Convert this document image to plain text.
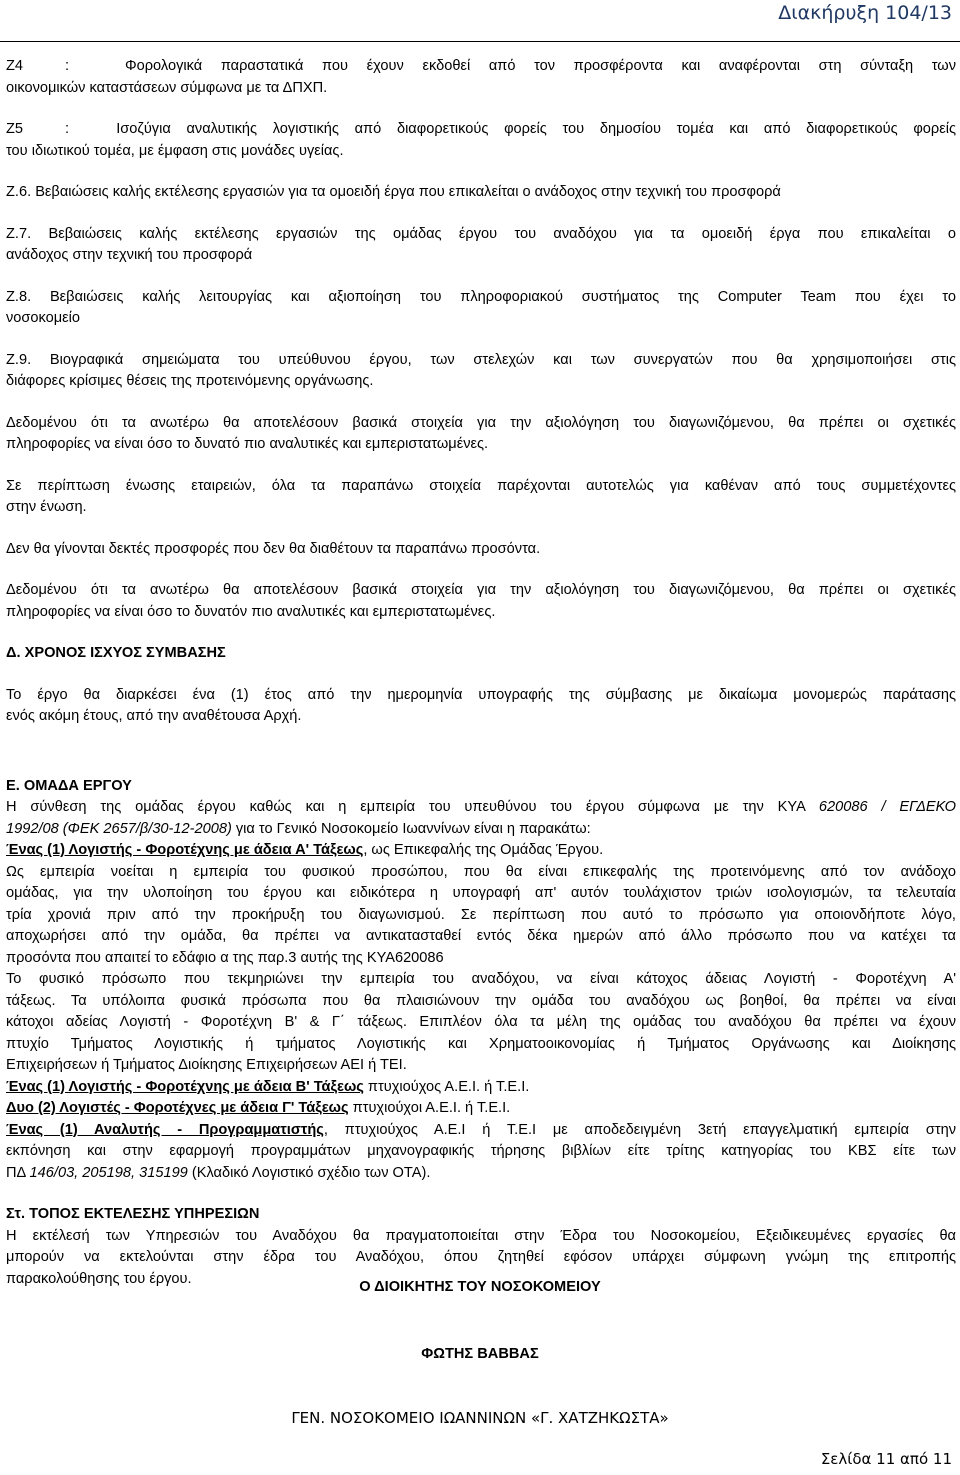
Διακήρυξη 104/13
Z4	:	Φορολογικά παραστατικά που έχουν εκδοθεί από τον προσφέροντα και αναφέρονται στη σύνταξη των
οικονομικών καταστάσεων σύμφωνα με τα ΔΠΧΠ.
Z5	:	Ισοζύγια αναλυτικής λογιστικής από διαφορετικούς φορείς του δημοσίου τομέα και από διαφορετικούς φορείς
του ιδιωτικού τομέα, με έμφαση στις μονάδες υγείας.
Ζ.6. Βεβαιώσεις καλής εκτέλεσης εργασιών για τα ομοειδή έργα που επικαλείται ο ανάδοχος στην τεχνική του προσφορά
Ζ.7. Βεβαιώσεις καλής εκτέλεσης εργασιών της ομάδας έργου του αναδόχου για τα ομοειδή έργα που επικαλείται ο
ανάδοχος στην τεχνική του προσφορά
Ζ.8. Βεβαιώσεις καλής λειτουργίας και αξιοποίηση του πληροφοριακού συστήματος της Computer Team που έχει το
νοσοκομείο
Ζ.9. Βιογραφικά σημειώματα του υπεύθυνου έργου, των στελεχών και των συνεργατών που θα χρησιμοποιήσει στις
διάφορες κρίσιμες θέσεις της προτεινόμενης οργάνωσης.
Δεδομένου ότι τα ανωτέρω θα αποτελέσουν βασικά στοιχεία για την αξιολόγηση του διαγωνιζόμενου, θα πρέπει οι σχετικές
πληροφορίες να είναι όσο το δυνατό πιο αναλυτικές και εμπεριστατωμένες.
Σε περίπτωση ένωσης εταιρειών, όλα τα παραπάνω στοιχεία παρέχονται αυτοτελώς για καθέναν από τους συμμετέχοντες
στην ένωση.
Δεν θα γίνονται δεκτές προσφορές που δεν θα διαθέτουν τα παραπάνω προσόντα.
Δεδομένου ότι τα ανωτέρω θα αποτελέσουν βασικά στοιχεία για την αξιολόγηση του διαγωνιζόμενου, θα πρέπει οι σχετικές
πληροφορίες να είναι όσο το δυνατόν πιο αναλυτικές και εμπεριστατωμένες.
Δ. ΧΡΟΝΟΣ ΙΣΧΥΟΣ ΣΥΜΒΑΣΗΣ
Το έργο θα διαρκέσει ένα (1) έτος από την ημερομηνία υπογραφής της σύμβασης με δικαίωμα μονομερώς παράτασης
ενός ακόμη έτους, από την αναθέτουσα Αρχή.
Ε. ΟΜΑΔΑ ΕΡΓΟΥ
Η σύνθεση της ομάδας έργου καθώς και η εμπειρία του υπευθύνου του έργου σύμφωνα με την ΚΥΑ 620086 / ΕΓΔΕΚΟ
1992/08 (ΦΕΚ 2657/β/30-12-2008) για το Γενικό Νοσοκομείο Ιωαννίνων είναι η παρακάτω:
Ένας (1) Λογιστής - Φοροτέχνης με άδεια Α' Τάξεως, ως Επικεφαλής της Ομάδας Έργου.
Ως εμπειρία νοείται η εμπειρία του φυσικού προσώπου, που θα είναι επικεφαλής της προτεινόμενης από τον ανάδοχο
ομάδας, για την υλοποίηση του έργου και ειδικότερα η υπογραφή απ' αυτόν τουλάχιστον τριών ισολογισμών, τα τελευταία
τρία χρονιά πριν από την προκήρυξη του διαγωνισμού. Σε περίπτωση που αυτό το πρόσωπο για οποιονδήποτε λόγο,
αποχωρήσει από την ομάδα, θα πρέπει να αντικατασταθεί εντός δέκα ημερών από άλλο πρόσωπο που να κατέχει τα
προσόντα που απαιτεί το εδάφιο α της παρ.3 αυτής της ΚΥΑ620086
Το φυσικό πρόσωπο που τεκμηριώνει την εμπειρία του αναδόχου, να είναι κάτοχος άδειας Λογιστή - Φοροτέχνη Α'
τάξεως. Τα υπόλοιπα φυσικά πρόσωπα που θα πλαισιώνουν την ομάδα του αναδόχου ως βοηθοί, θα πρέπει να είναι
κάτοχοι αδείας Λογιστή - Φοροτέχνη Β' & Γ΄ τάξεως. Επιπλέον όλα τα μέλη της ομάδας του αναδόχου θα πρέπει να έχουν
πτυχίο Τμήματος Λογιστικής ή τμήματος Λογιστικής και Χρηματοοικονομίας ή Τμήματος Οργάνωσης και Διοίκησης
Επιχειρήσεων ή Τμήματος Διοίκησης Επιχειρήσεων ΑΕΙ ή ΤΕΙ.
Ένας (1) Λογιστής - Φοροτέχνης με άδεια Β' Τάξεως πτυχιούχος Α.Ε.Ι. ή Τ.Ε.Ι.
Δυο (2) Λογιστές - Φοροτέχνες με άδεια Γ' Τάξεως πτυχιούχοι Α.Ε.Ι. ή Τ.Ε.Ι.
Ένας (1) Αναλυτής - Προγραμματιστής, πτυχιούχος Α.Ε.Ι ή Τ.Ε.Ι με αποδεδειγμένη 3ετή επαγγελματική εμπειρία στην
εκπόνηση και στην εφαρμογή προγραμμάτων μηχανογραφικής τήρησης βιβλίων είτε τρίτης κατηγορίας του ΚΒΣ είτε των
ΠΔ 146/03, 205198, 315199 (Κλαδικό Λογιστικό σχέδιο των ΟΤΑ).
Στ. ΤΟΠΟΣ ΕΚΤΕΛΕΣΗΣ ΥΠΗΡΕΣΙΩΝ
Η εκτέλεσή των Υπηρεσιών του Αναδόχου θα πραγματοποιείται στην Έδρα του Νοσοκομείου, Εξειδικευμένες εργασίες θα
μπορούν να εκτελούνται στην έδρα του Αναδόχου, όπου ζητηθεί εφόσον υπάρχει σύμφωνη γνώμη της επιτροπής
παρακολούθησης του έργου.
Ο ΔΙΟΙΚΗΤΗΣ ΤΟΥ ΝΟΣΟΚΟΜΕΙΟΥ
ΦΩΤΗΣ ΒΑΒΒΑΣ
ΓΕΝ. ΝΟΣΟΚΟΜΕΙΟ ΙΩΑΝΝΙΝΩΝ «Γ. ΧΑΤΖΗΚΩΣΤΑ»
Σελίδα 11 από 11
